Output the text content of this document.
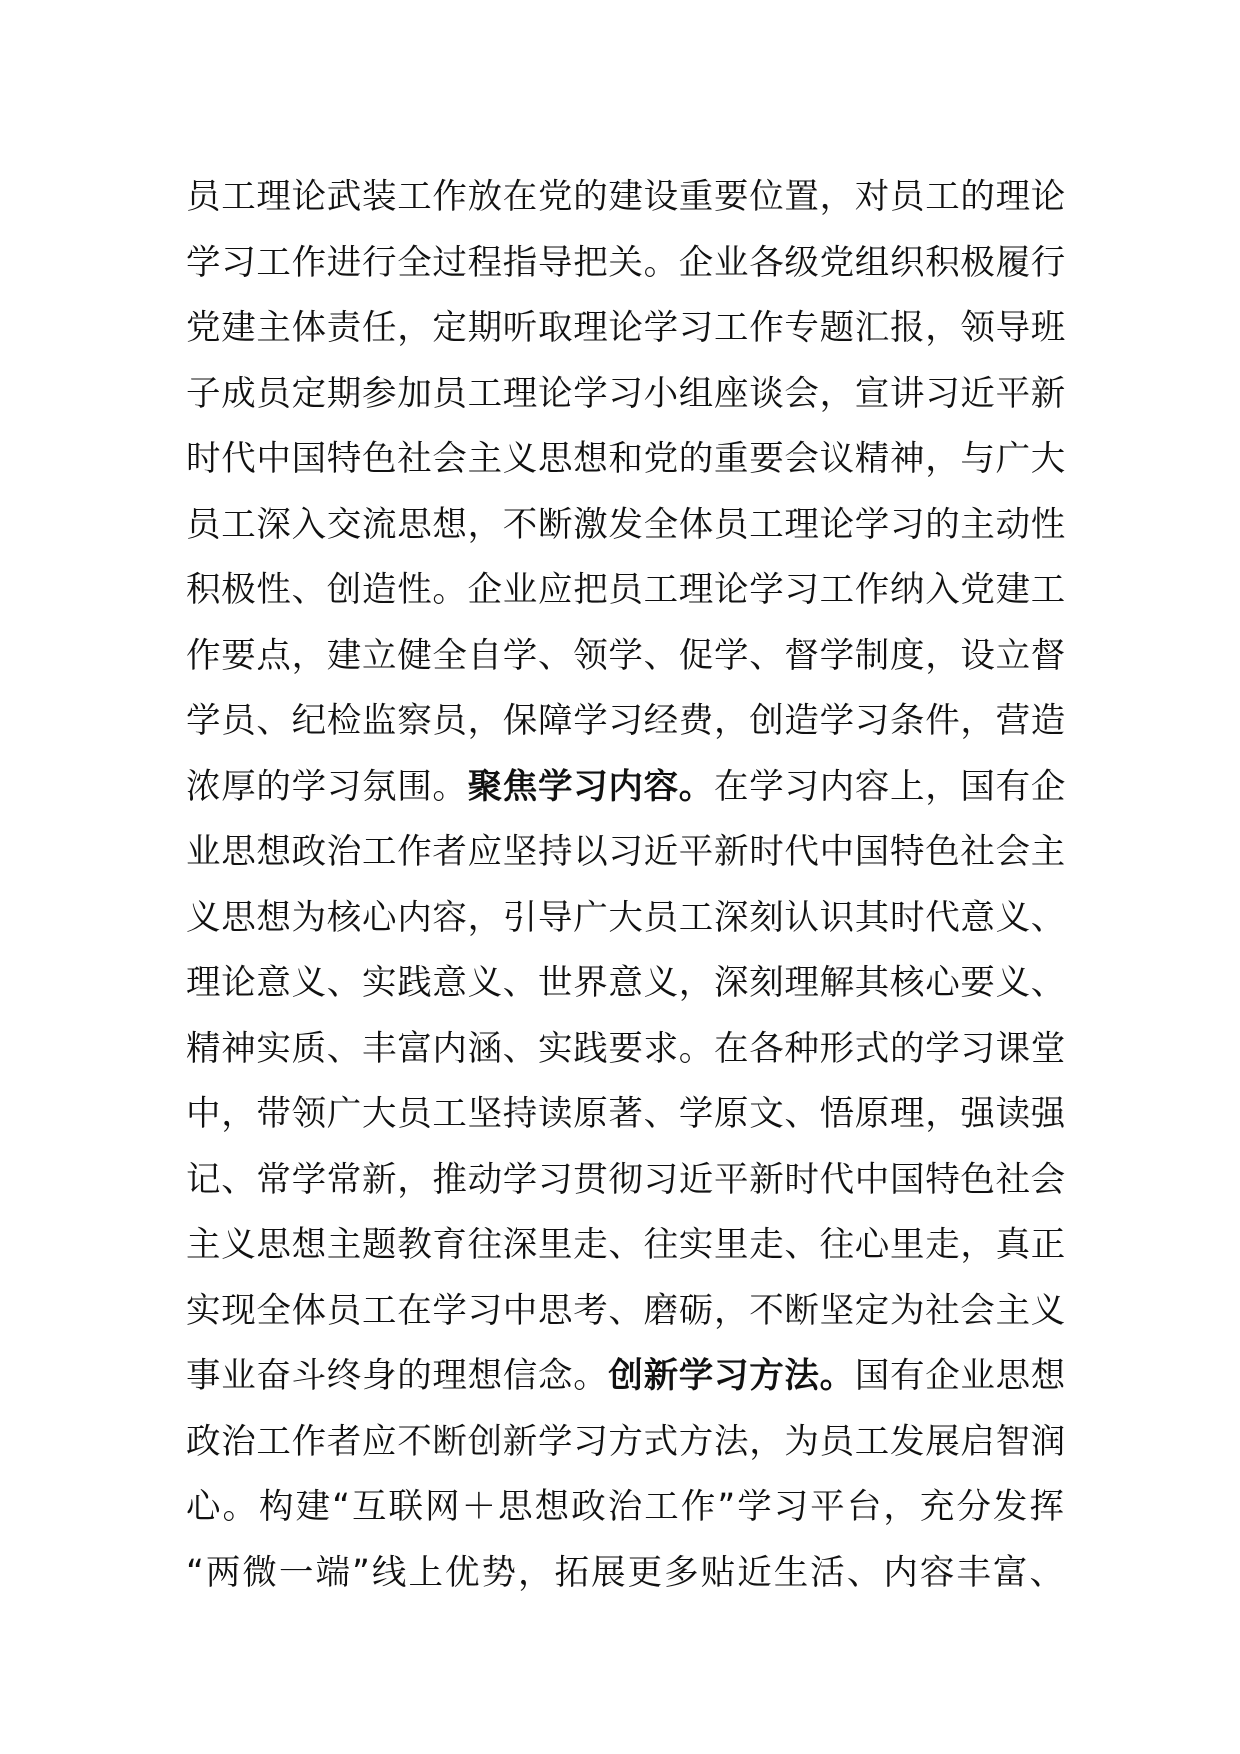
员工理论武装工作放在党的建设重要位置，对员工的理论
学习工作进行全过程指导把关。企业各级党组织积极履行
党建主体责任，定期听取理论学习工作专题汇报，领导班
子成员定期参加员工理论学习小组座谈会，宣讲习近平新
时代中国特色社会主义思想和党的重要会议精神，与广大
员工深入交流思想，不断激发全体员工理论学习的主动性
积极性、创造性。企业应把员工理论学习工作纳入党建工
作要点，建立健全自学、领学、促学、督学制度，设立督
学员、纪检监察员，保障学习经费，创造学习条件，营造
浓厚的学习氛围。聚焦学习内容。在学习内容上，国有企
业思想政治工作者应坚持以习近平新时代中国特色社会主
义思想为核心内容，引导广大员工深刻认识其时代意义、
理论意义、实践意义、世界意义，深刻理解其核心要义、
精神实质、丰富内涵、实践要求。在各种形式的学习课堂
中，带领广大员工坚持读原著、学原文、悟原理，强读强
记、常学常新，推动学习贯彻习近平新时代中国特色社会
主义思想主题教育往深里走、往实里走、往心里走，真正
实现全体员工在学习中思考、磨砺，不断坚定为社会主义
事业奋斗终身的理想信念。创新学习方法。国有企业思想
政治工作者应不断创新学习方式方法，为员工发展启智润
心。构建“互联网＋思想政治工作”学习平台，充分发挥
“两微一端”线上优势，拓展更多贴近生活、内容丰富、
